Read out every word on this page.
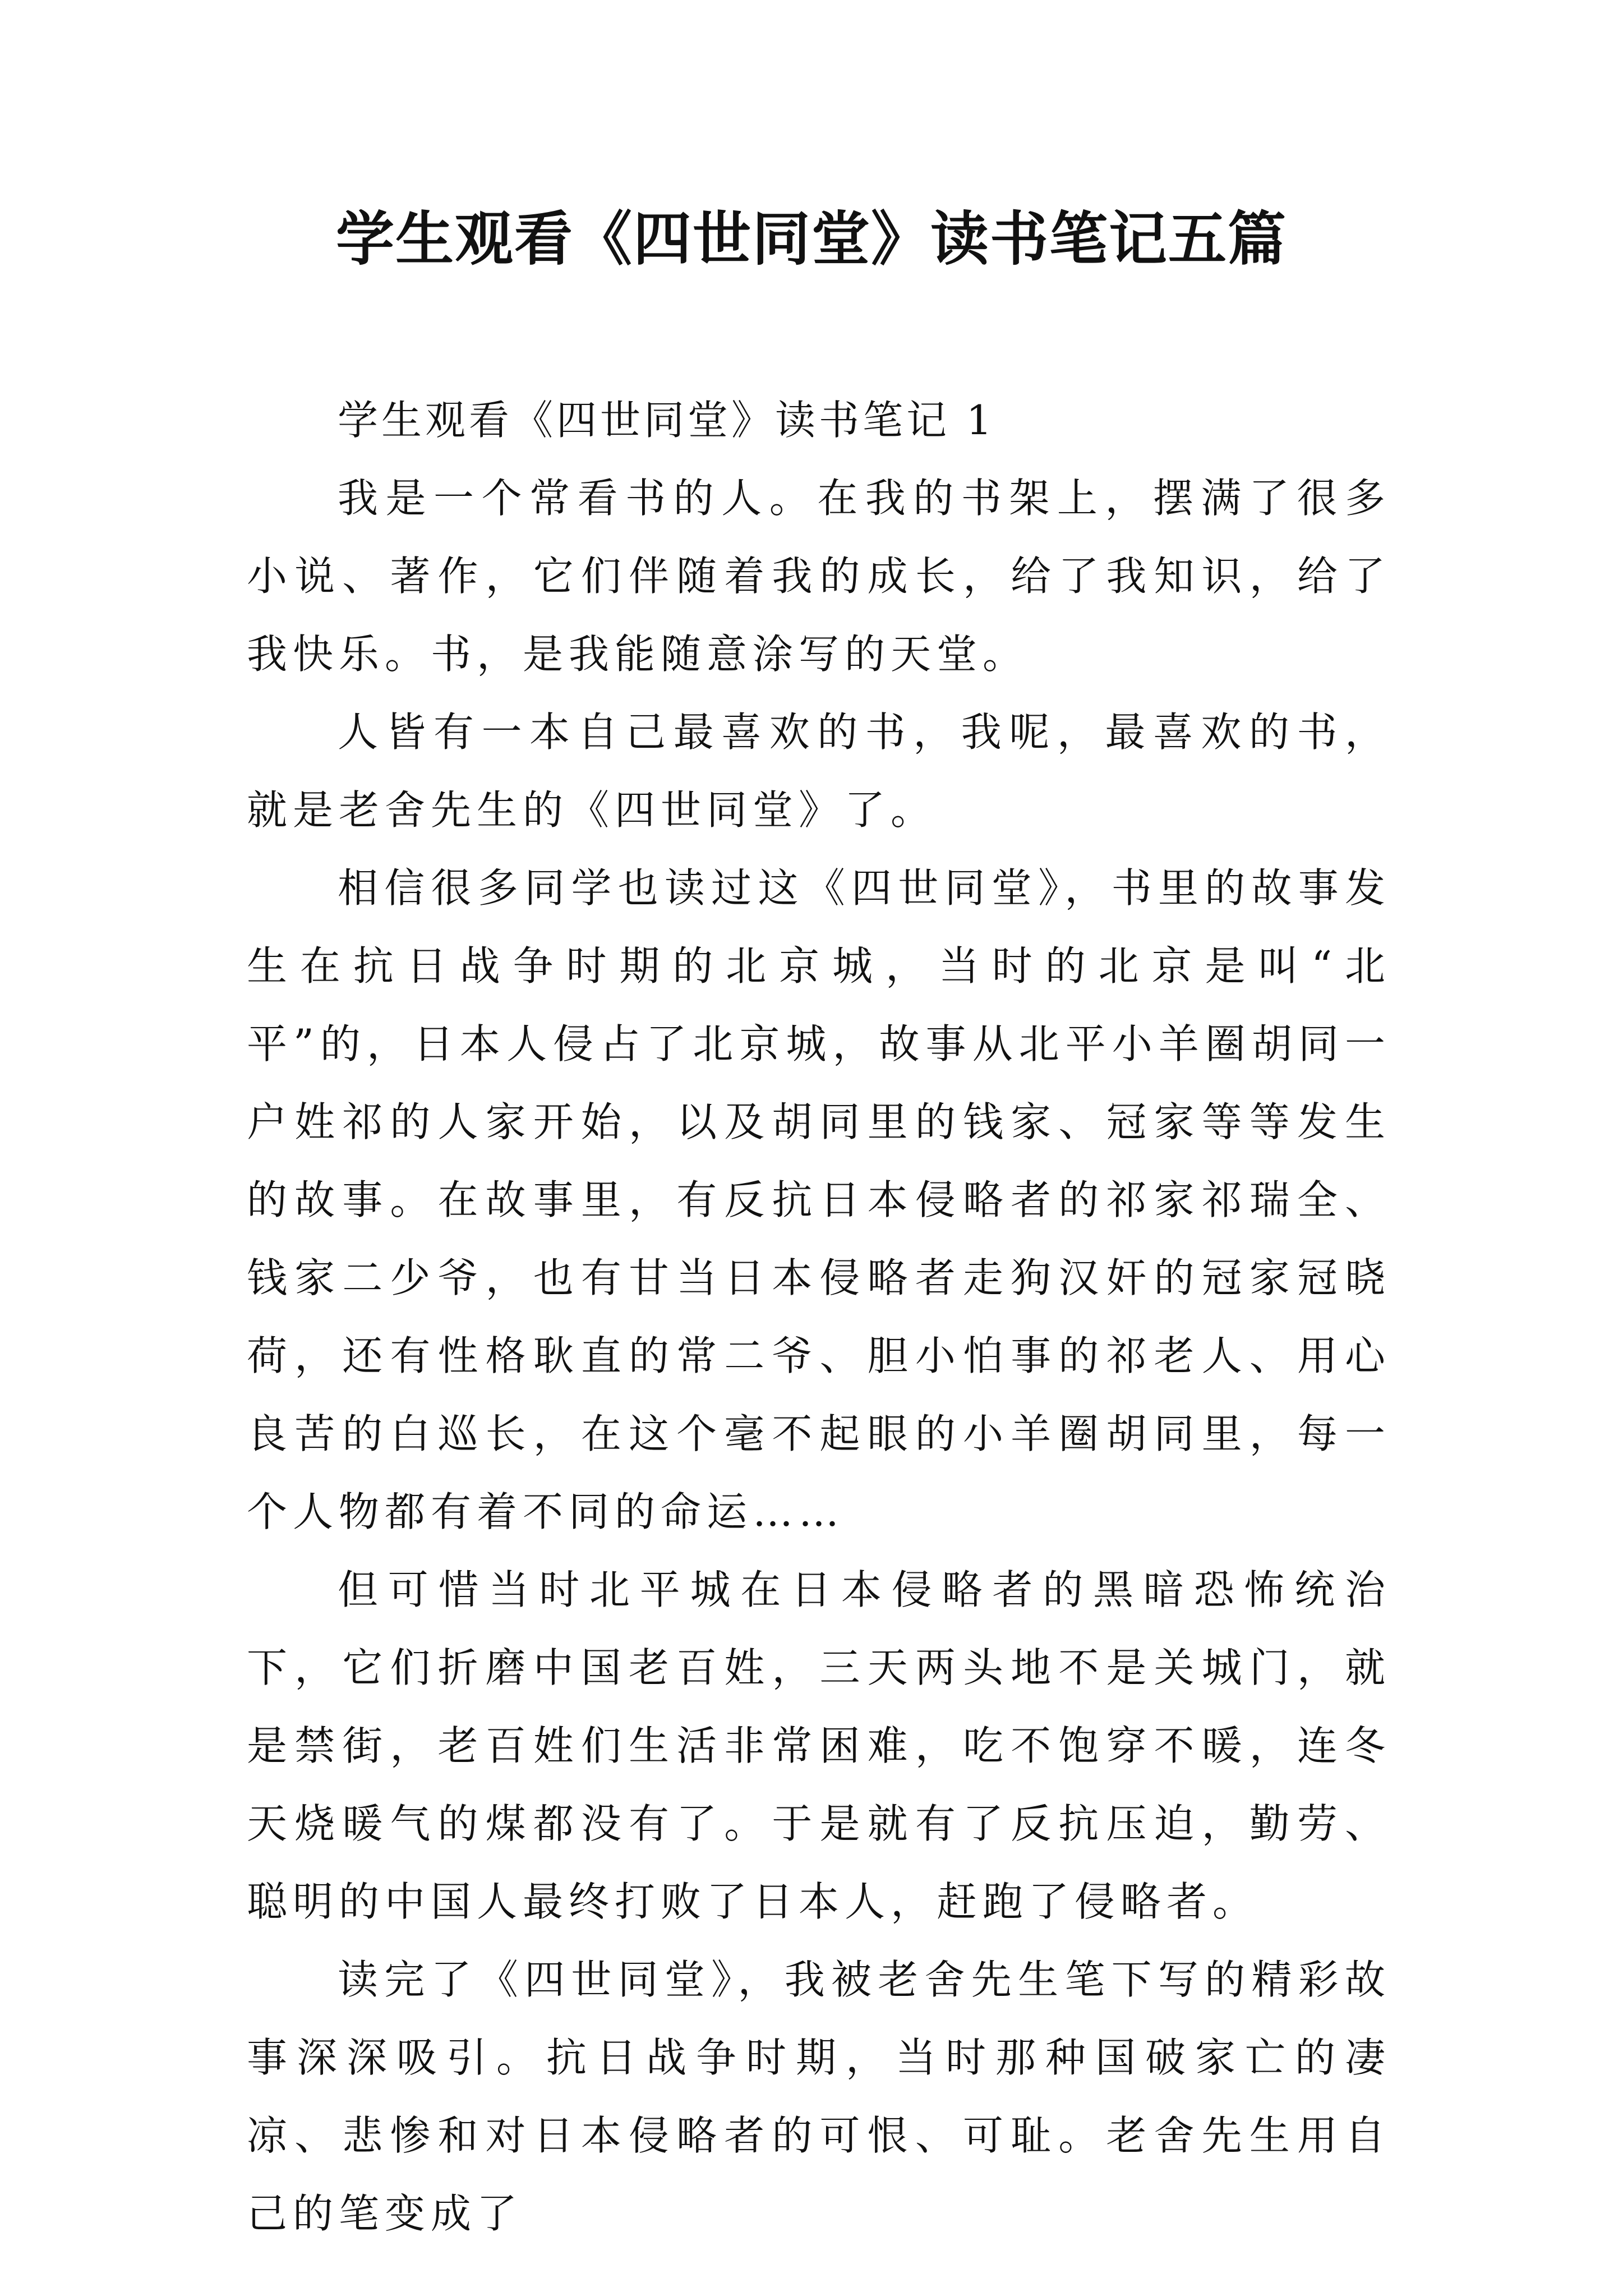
学生观看《四世同堂》读书笔记五篇

学生观看《四世同堂》读书笔记 1

我是一个常看书的人。在我的书架上，摆满了很多小说、著作，它们伴随着我的成长，给了我知识，给了我快乐。书，是我能随意涂写的天堂。

人皆有一本自己最喜欢的书，我呢，最喜欢的书，就是老舍先生的《四世同堂》了。

相信很多同学也读过这《四世同堂》，书里的故事发生在抗日战争时期的北京城，当时的北京是叫“北平”的，日本人侵占了北京城，故事从北平小羊圈胡同一户姓祁的人家开始，以及胡同里的钱家、冠家等等发生的故事。在故事里，有反抗日本侵略者的祁家祁瑞全、钱家二少爷，也有甘当日本侵略者走狗汉奸的冠家冠晓荷，还有性格耿直的常二爷、胆小怕事的祁老人、用心良苦的白巡长，在这个毫不起眼的小羊圈胡同里，每一个人物都有着不同的命运……

但可惜当时北平城在日本侵略者的黑暗恐怖统治下，它们折磨中国老百姓，三天两头地不是关城门，就是禁街，老百姓们生活非常困难，吃不饱穿不暖，连冬天烧暖气的煤都没有了。于是就有了反抗压迫，勤劳、聪明的中国人最终打败了日本人，赶跑了侵略者。

读完了《四世同堂》，我被老舍先生笔下写的精彩故事深深吸引。抗日战争时期，当时那种国破家亡的凄凉、悲惨和对日本侵略者的可恨、可耻。老舍先生用自己的笔变成了
